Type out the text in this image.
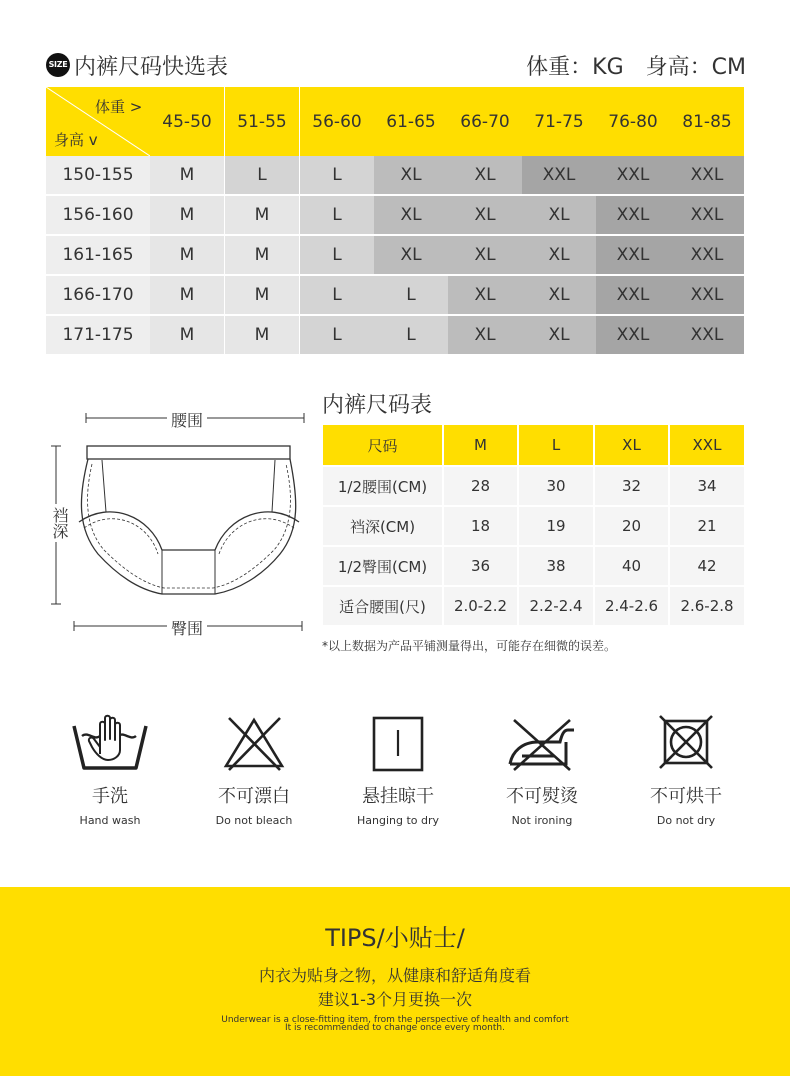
SIZE 内裤尺码快选表	体重：KG　身高：CM
体重 >
身高 v
45-50	51-55	56-60	61-65	66-70	71-75	76-80	81-85
150-155	M	L	L	XL	XL	XXL	XXL	XXL
156-160	M	M	L	XL	XL	XL	XXL	XXL
161-165	M	M	L	XL	XL	XL	XXL	XXL
166-170	M	M	L	L	XL	XL	XXL	XXL
171-175	M	M	L	L	XL	XL	XXL	XXL
腰围
裆深
臀围
内裤尺码表
尺码	M	L	XL	XXL
1/2腰围(CM)	28	30	32	34
裆深(CM)	18	19	20	21
1/2臀围(CM)	36	38	40	42
适合腰围(尺)	2.0-2.2	2.2-2.4	2.4-2.6	2.6-2.8
*以上数据为产品平铺测量得出，可能存在细微的误差。
手洗
Hand wash
不可漂白
Do not bleach
悬挂晾干
Hanging to dry
不可熨烫
Not ironing
不可烘干
Do not dry
TIPS/小贴士/
内衣为贴身之物，从健康和舒适角度看
建议1-3个月更换一次
Underwear is a close-fitting item, from the perspective of health and comfort
It is recommended to change once every month.
